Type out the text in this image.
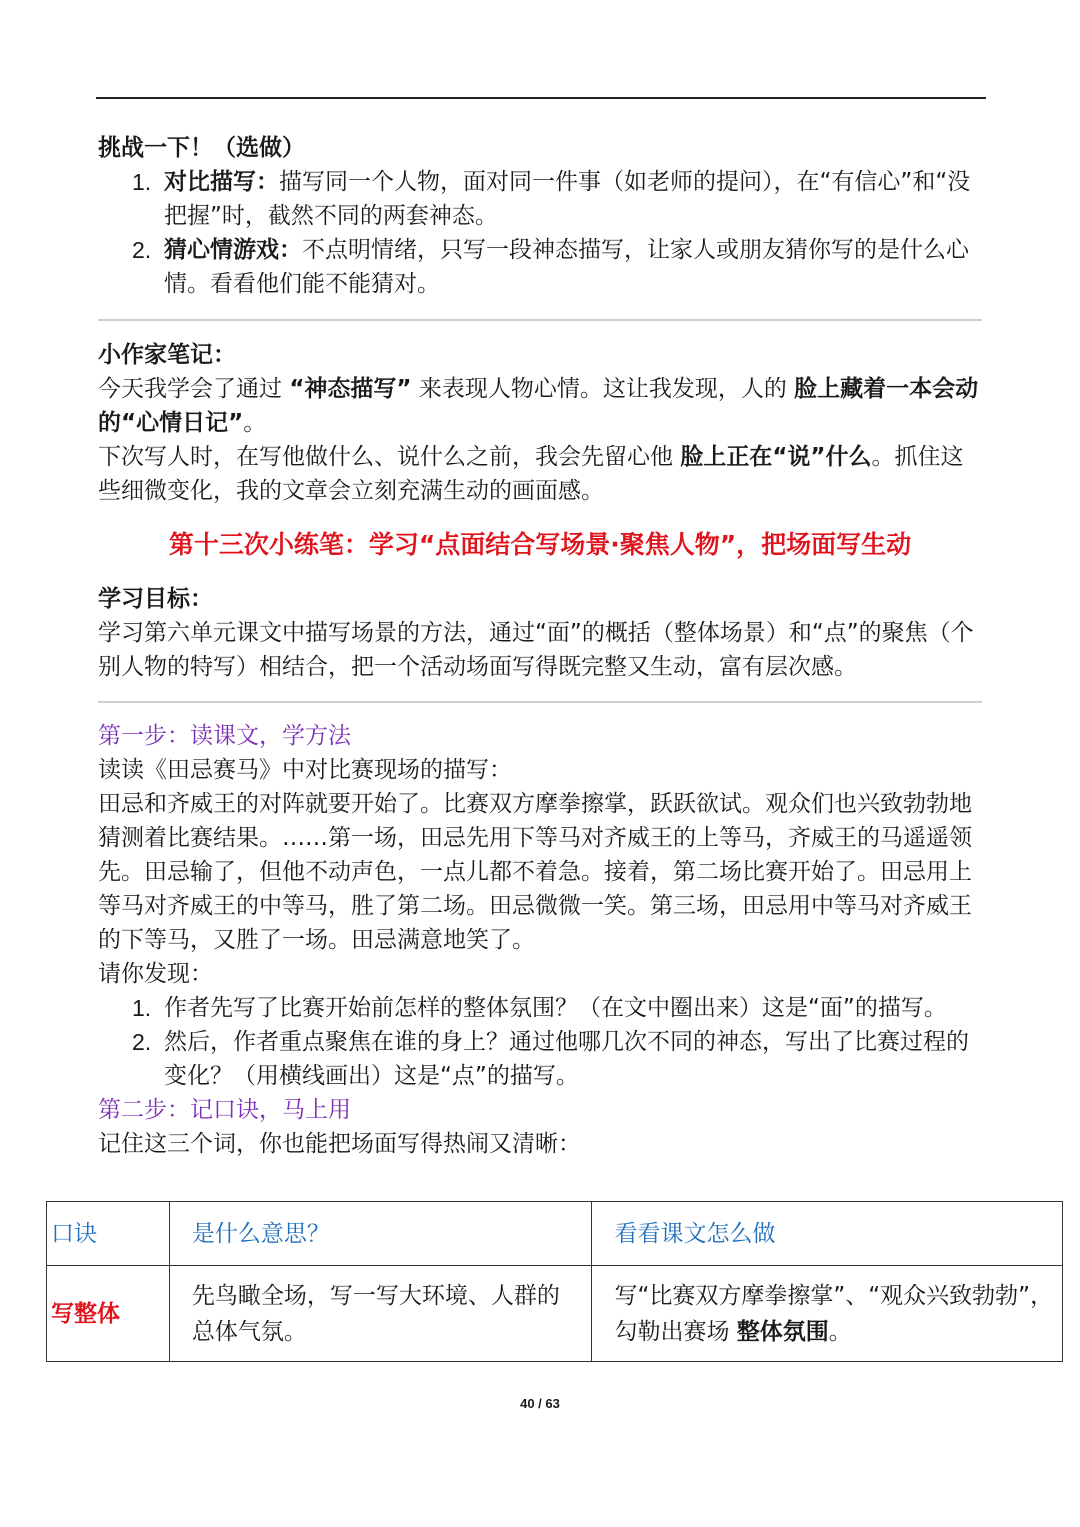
挑战一下！（选做）
1. 对比描写：描写同一个人物，面对同一件事（如老师的提问），在“有信心”和“没把握”时，截然不同的两套神态。
2. 猜心情游戏：不点明情绪，只写一段神态描写，让家人或朋友猜你写的是什么心情。看看他们能不能猜对。
小作家笔记：

今天我学会了通过 “神态描写” 来表现人物心情。这让我发现，人的 脸上藏着一本会动的“心情日记”。

下次写人时，在写他做什么、说什么之前，我会先留心他 脸上正在“说”什么。抓住这些细微变化，我的文章会立刻充满生动的画面感。

第十三次小练笔：学习“点面结合写场景·聚焦人物”，把场面写生动
学习目标：

学习第六单元课文中描写场景的方法，通过“面”的概括（整体场景）和“点”的聚焦（个别人物的特写）相结合，把一个活动场面写得既完整又生动，富有层次感。

第一步：读课文，学方法

读读《田忌赛马》中对比赛现场的描写：

田忌和齐威王的对阵就要开始了。比赛双方摩拳擦掌，跃跃欲试。观众们也兴致勃勃地猜测着比赛结果。……第一场，田忌先用下等马对齐威王的上等马，齐威王的马遥遥领先。田忌输了，但他不动声色，一点儿都不着急。接着，第二场比赛开始了。田忌用上等马对齐威王的中等马，胜了第二场。田忌微微一笑。第三场，田忌用中等马对齐威王的下等马，又胜了一场。田忌满意地笑了。

请你发现：

1. 作者先写了比赛开始前怎样的整体氛围？（在文中圈出来）这是“面”的描写。
2. 然后，作者重点聚焦在谁的身上？通过他哪几次不同的神态，写出了比赛过程的变化？（用横线画出）这是“点”的描写。
第二步：记口诀，马上用

记住这三个词，你也能把场面写得热闹又清晰：

口诀	是什么意思？	看看课文怎么做
写整体	先鸟瞰全场，写一写大环境、人群的总体气氛。	写“比赛双方摩拳擦掌”、“观众兴致勃勃”，勾勒出赛场 整体氛围。
40 / 63
